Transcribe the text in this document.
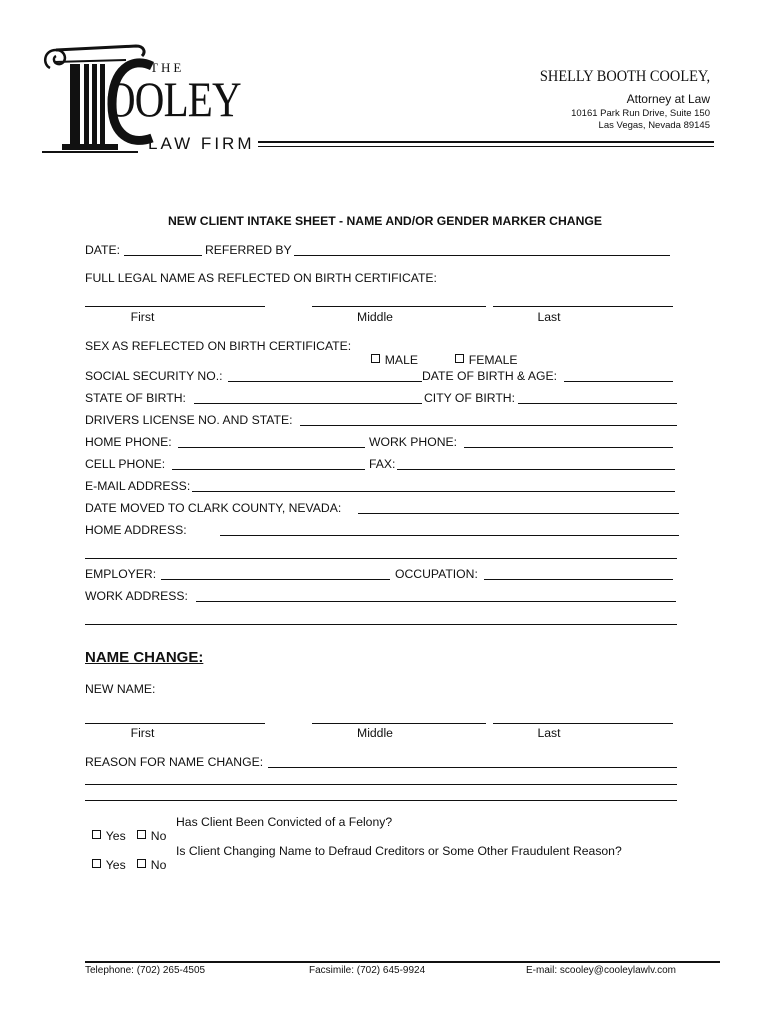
THE
OOLEY
LAW FIRM
SHELLY BOOTH COOLEY,
Attorney at Law
10161 Park Run Drive, Suite 150
Las Vegas, Nevada 89145
NEW CLIENT INTAKE SHEET - NAME AND/OR GENDER MARKER CHANGE
DATE:	REFERRED BY
FULL LEGAL NAME AS REFLECTED ON BIRTH CERTIFICATE:
First	Middle	Last
SEX AS REFLECTED ON BIRTH CERTIFICATE:

MALE	FEMALE

SOCIAL SECURITY NO.:	DATE OF BIRTH & AGE:
STATE OF BIRTH:	CITY OF BIRTH:
DRIVERS LICENSE NO. AND STATE:
HOME PHONE:	WORK PHONE:
CELL PHONE:	FAX:
E-MAIL ADDRESS:
DATE MOVED TO CLARK COUNTY, NEVADA:
HOME ADDRESS:
EMPLOYER:	OCCUPATION:
WORK ADDRESS:
NAME CHANGE:
NEW NAME:
First	Middle	Last
REASON FOR NAME CHANGE:

Yes	No

Has Client Been Convicted of a Felony?

Yes	No

Is Client Changing Name to Defraud Creditors or Some Other Fraudulent Reason?
Telephone: (702) 265-4505	Facsimile: (702) 645-9924	E-mail: scooley@cooleylawlv.com
